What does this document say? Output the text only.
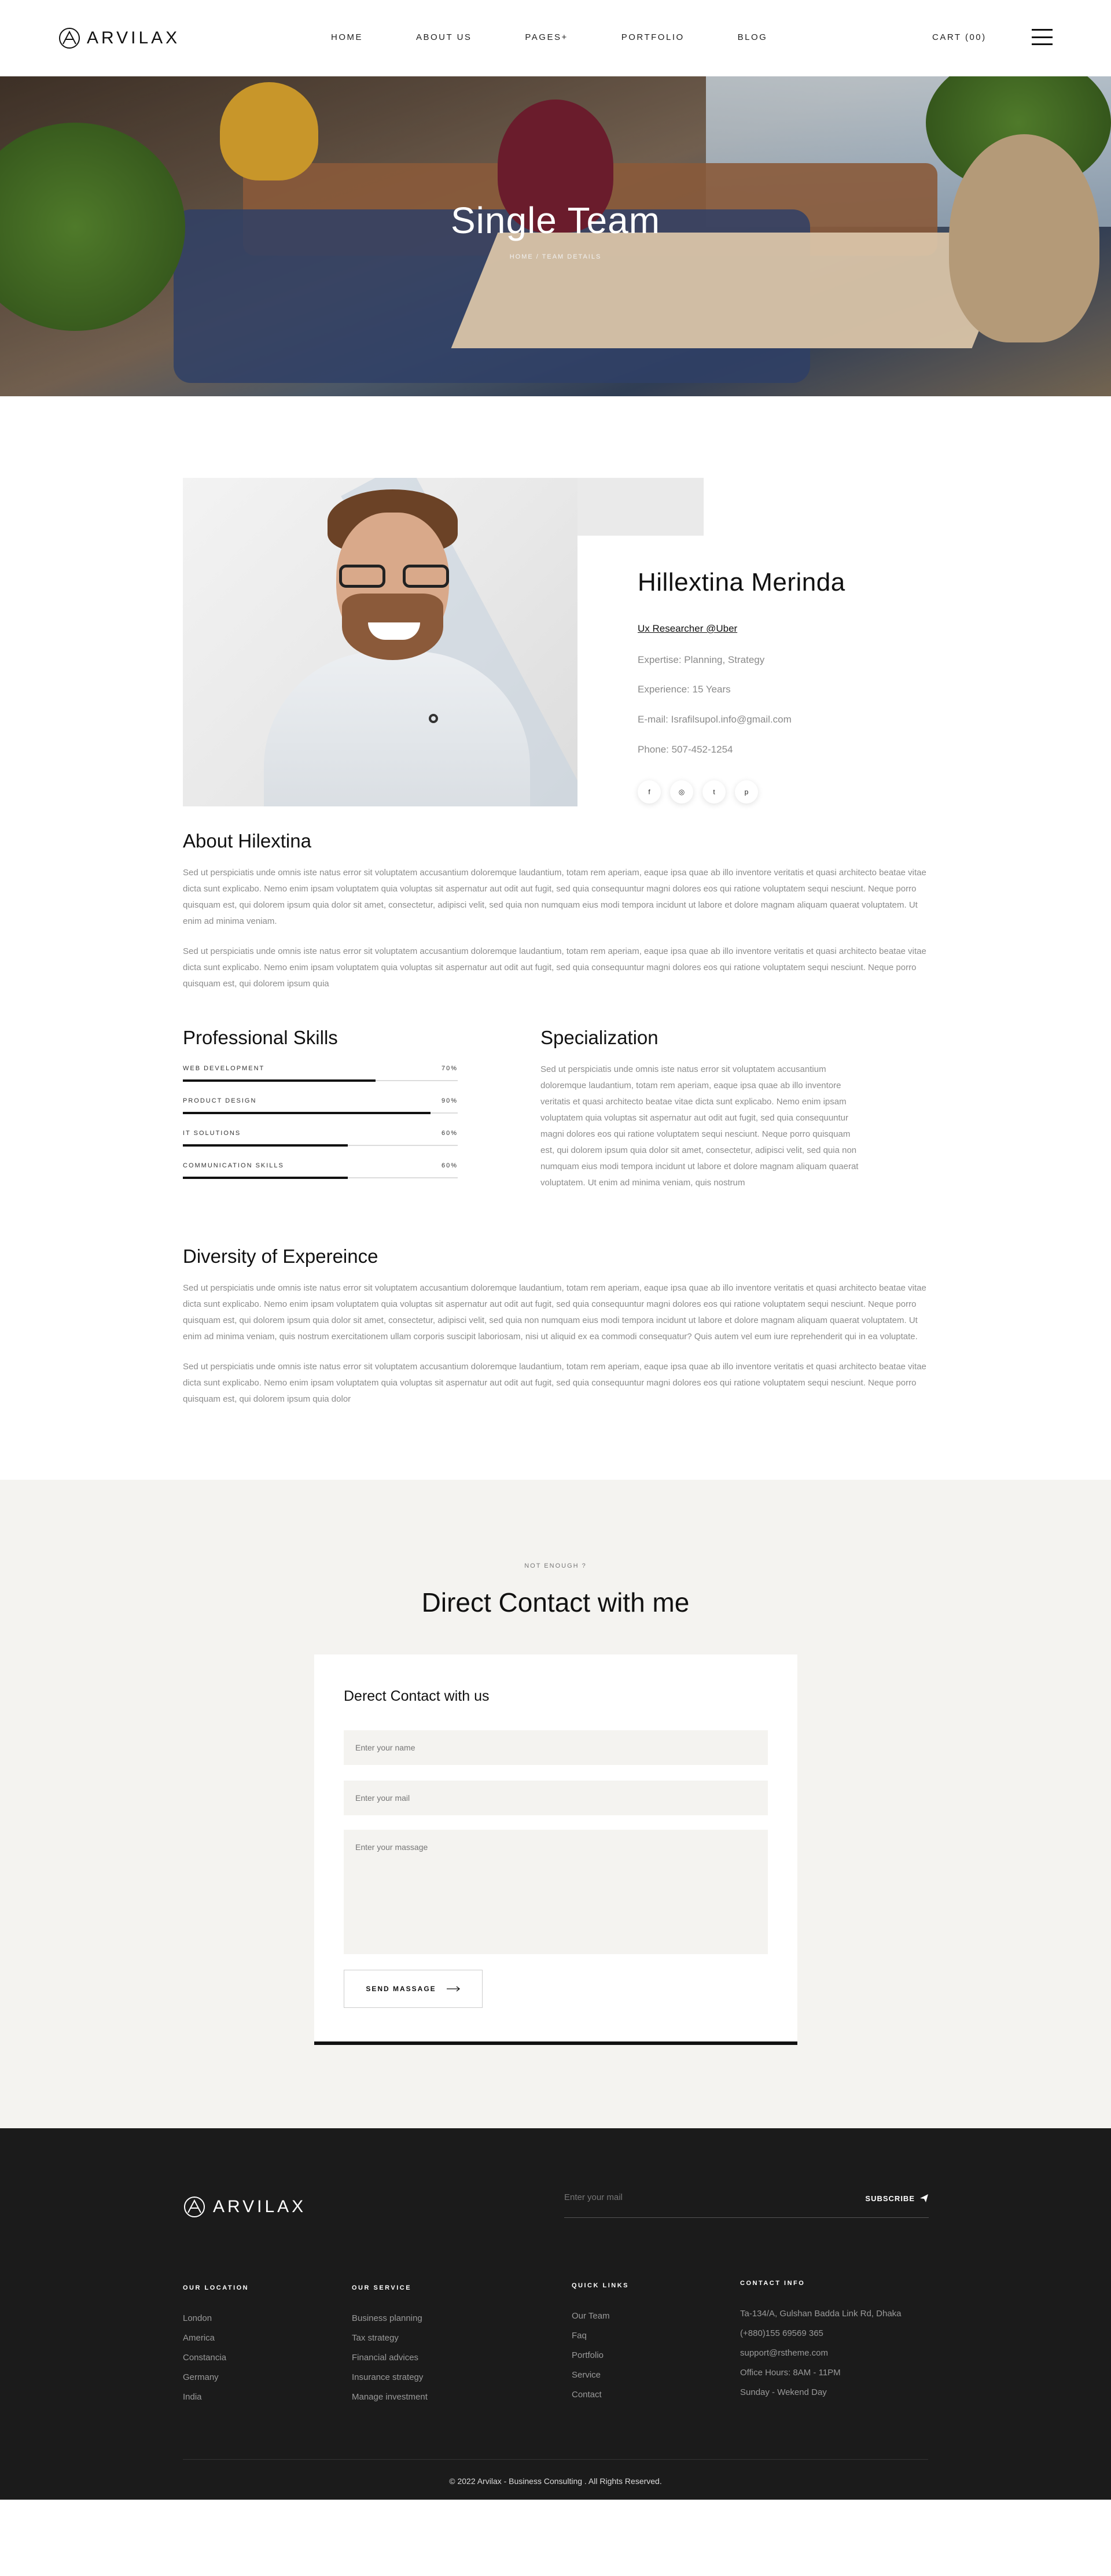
ARVILAX	HOME	ABOUT US	PAGES+	PORTFOLIO	BLOG	CART (00)
Single Team
HOME / TEAM DETAILS
Hillextina Merinda
Ux Researcher @Uber
Expertise: Planning, Strategy
Experience: 15 Years
E-mail: Israfilsupol.info@gmail.com
Phone: 507-452-1254
f	◎	t	p
About Hilextina

Sed ut perspiciatis unde omnis iste natus error sit voluptatem accusantium doloremque laudantium, totam rem aperiam, eaque ipsa quae ab illo inventore veritatis et quasi architecto beatae vitae dicta sunt explicabo. Nemo enim ipsam voluptatem quia voluptas sit aspernatur aut odit aut fugit, sed quia consequuntur magni dolores eos qui ratione voluptatem sequi nesciunt. Neque porro quisquam est, qui dolorem ipsum quia dolor sit amet, consectetur, adipisci velit, sed quia non numquam eius modi tempora incidunt ut labore et dolore magnam aliquam quaerat voluptatem. Ut enim ad minima veniam.

Sed ut perspiciatis unde omnis iste natus error sit voluptatem accusantium doloremque laudantium, totam rem aperiam, eaque ipsa quae ab illo inventore veritatis et quasi architecto beatae vitae dicta sunt explicabo. Nemo enim ipsam voluptatem quia voluptas sit aspernatur aut odit aut fugit, sed quia consequuntur magni dolores eos qui ratione voluptatem sequi nesciunt. Neque porro quisquam est, qui dolorem ipsum quia

Professional Skills
WEB DEVELOPMENT	70%
PRODUCT DESIGN	90%
IT SOLUTIONS	60%
COMMUNICATION SKILLS	60%
Specialization

Sed ut perspiciatis unde omnis iste natus error sit voluptatem accusantium doloremque laudantium, totam rem aperiam, eaque ipsa quae ab illo inventore veritatis et quasi architecto beatae vitae dicta sunt explicabo. Nemo enim ipsam voluptatem quia voluptas sit aspernatur aut odit aut fugit, sed quia consequuntur magni dolores eos qui ratione voluptatem sequi nesciunt. Neque porro quisquam est, qui dolorem ipsum quia dolor sit amet, consectetur, adipisci velit, sed quia non numquam eius modi tempora incidunt ut labore et dolore magnam aliquam quaerat voluptatem. Ut enim ad minima veniam, quis nostrum

Diversity of Expereince

Sed ut perspiciatis unde omnis iste natus error sit voluptatem accusantium doloremque laudantium, totam rem aperiam, eaque ipsa quae ab illo inventore veritatis et quasi architecto beatae vitae dicta sunt explicabo. Nemo enim ipsam voluptatem quia voluptas sit aspernatur aut odit aut fugit, sed quia consequuntur magni dolores eos qui ratione voluptatem sequi nesciunt. Neque porro quisquam est, qui dolorem ipsum quia dolor sit amet, consectetur, adipisci velit, sed quia non numquam eius modi tempora incidunt ut labore et dolore magnam aliquam quaerat voluptatem. Ut enim ad minima veniam, quis nostrum exercitationem ullam corporis suscipit laboriosam, nisi ut aliquid ex ea commodi consequatur? Quis autem vel eum iure reprehenderit qui in ea voluptate.

Sed ut perspiciatis unde omnis iste natus error sit voluptatem accusantium doloremque laudantium, totam rem aperiam, eaque ipsa quae ab illo inventore veritatis et quasi architecto beatae vitae dicta sunt explicabo. Nemo enim ipsam voluptatem quia voluptas sit aspernatur aut odit aut fugit, sed quia consequuntur magni dolores eos qui ratione voluptatem sequi nesciunt. Neque porro quisquam est, qui dolorem ipsum quia dolor

NOT ENOUGH ?
Direct Contact with me
Derect Contact with us
Enter your name
Enter your mail
Enter your massage
SEND MASSAGE
ARVILAX
Enter your mail	SUBSCRIBE
OUR LOCATION
London
America
Constancia
Germany
India
OUR SERVICE
Business planning
Tax strategy
Financial advices
Insurance strategy
Manage investment
QUICK LINKS
Our Team
Faq
Portfolio
Service
Contact
CONTACT INFO
Ta-134/A, Gulshan Badda Link Rd, Dhaka
(+880)155 69569 365
support@rstheme.com
Office Hours: 8AM - 11PM
Sunday - Wekend Day
© 2022 Arvilax - Business Consulting . All Rights Reserved.
